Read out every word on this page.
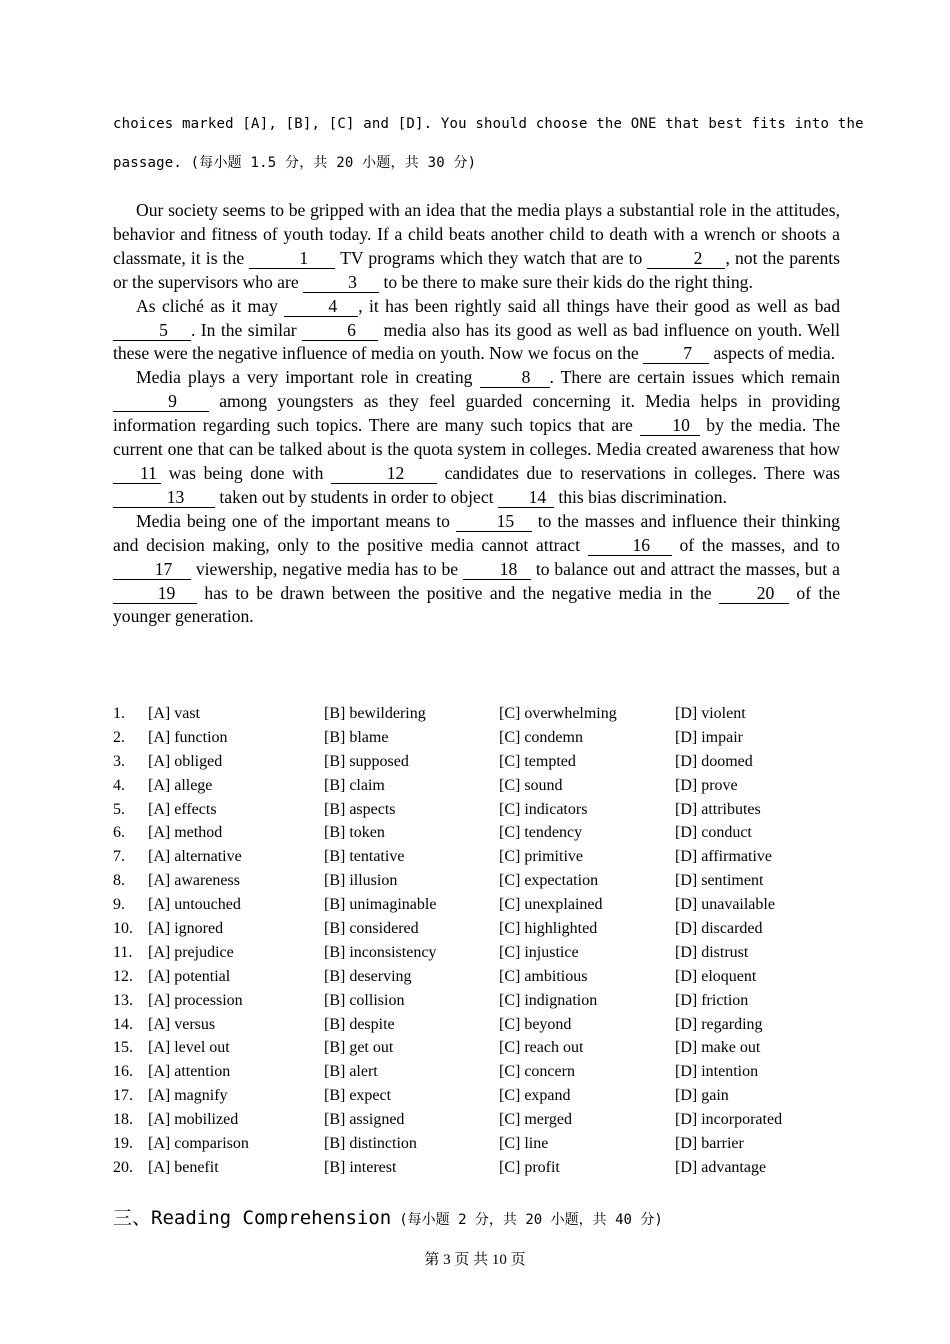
choices marked [A], [B], [C] and [D]. You should choose the ONE that best fits into the
passage. (每小题 1.5 分，共 20 小题，共 30 分)

Our society seems to be gripped with an idea that the media plays a substantial role in the attitudes, behavior and fitness of youth today. If a child beats another child to death with a wrench or shoots a classmate, it is the	1 TV programs which they watch that are to	2 , not the parents or the supervisors who are	3 to be there to make sure their kids do the right thing.

As cliché as it may	4 , it has been rightly said all things have their good as well as bad 5 . In the similar	6 media also has its good as well as bad influence on youth. Well these were the negative influence of media on youth. Now we focus on the 7 aspects of media.

Media plays a very important role in creating 8 . There are certain issues which remain 9 among youngsters as they feel guarded concerning it. Media helps in providing information regarding such topics. There are many such topics that are 10 by the media. The current one that can be talked about is the quota system in colleges. Media created awareness that how 11 was being done with	12 candidates due to reservations in colleges. There was 13 taken out by students in order to object 14 this bias discrimination.

Media being one of the important means to 15 to the masses and influence their thinking and decision making, only to the positive media cannot attract	16 of the masses, and to 17 viewership, negative media has to be 18 to balance out and attract the masses, but a 19 has to be drawn between the positive and the negative media in the 20 of the younger generation.

1. [A] vast	[B] bewildering	[C] overwhelming	[D] violent
2. [A] function	[B] blame	[C] condemn	[D] impair
3. [A] obliged	[B] supposed	[C] tempted	[D] doomed
4. [A] allege	[B] claim	[C] sound	[D] prove
5. [A] effects	[B] aspects	[C] indicators	[D] attributes
6. [A] method	[B] token	[C] tendency	[D] conduct
7. [A] alternative	[B] tentative	[C] primitive	[D] affirmative
8. [A] awareness	[B] illusion	[C] expectation	[D] sentiment
9. [A] untouched	[B] unimaginable	[C] unexplained	[D] unavailable
10. [A] ignored	[B] considered	[C] highlighted	[D] discarded
11. [A] prejudice	[B] inconsistency	[C] injustice	[D] distrust
12. [A] potential	[B] deserving	[C] ambitious	[D] eloquent
13. [A] procession	[B] collision	[C] indignation	[D] friction
14. [A] versus	[B] despite	[C] beyond	[D] regarding
15. [A] level out	[B] get out	[C] reach out	[D] make out
16. [A] attention	[B] alert	[C] concern	[D] intention
17. [A] magnify	[B] expect	[C] expand	[D] gain
18. [A] mobilized	[B] assigned	[C] merged	[D] incorporated
19. [A] comparison	[B] distinction	[C] line	[D] barrier
20. [A] benefit	[B] interest	[C] profit	[D] advantage
三、Reading Comprehension (每小题 2 分，共 20 小题，共 40 分)
第 3 页 共 10 页
